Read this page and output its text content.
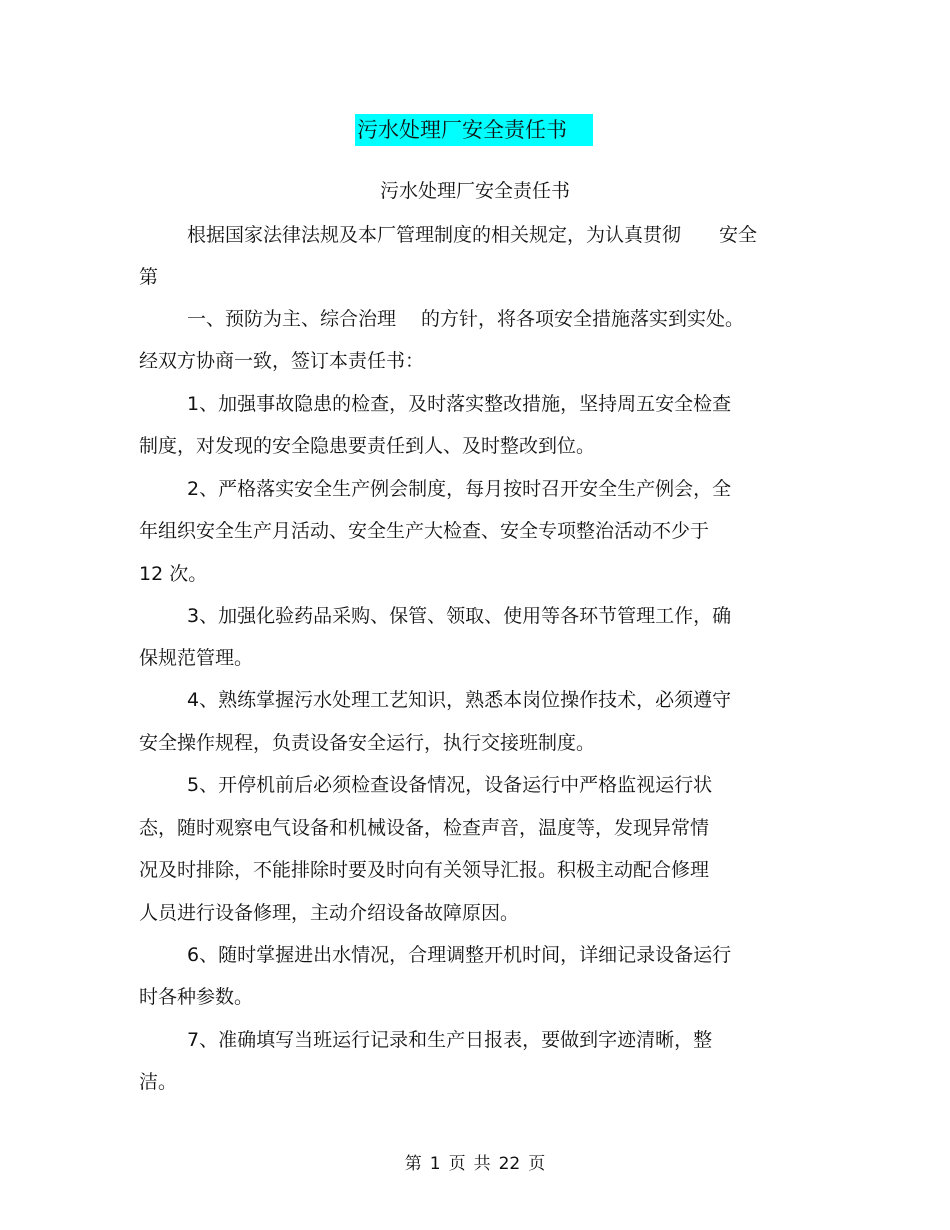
污水处理厂安全责任书
污水处理厂安全责任书
根据国家法律法规及本厂管理制度的相关规定，为认真贯彻　　安全
第
一、预防为主、综合治理　 的方针，将各项安全措施落实到实处。
经双方协商一致，签订本责任书：
1、加强事故隐患的检查，及时落实整改措施，坚持周五安全检查
制度，对发现的安全隐患要责任到人、及时整改到位。
2、严格落实安全生产例会制度，每月按时召开安全生产例会，全
年组织安全生产月活动、安全生产大检查、安全专项整治活动不少于
12 次。
3、加强化验药品采购、保管、领取、使用等各环节管理工作，确
保规范管理。
4、熟练掌握污水处理工艺知识，熟悉本岗位操作技术，必须遵守
安全操作规程，负责设备安全运行，执行交接班制度。
5、开停机前后必须检查设备情况，设备运行中严格监视运行状
态，随时观察电气设备和机械设备，检查声音，温度等，发现异常情
况及时排除，不能排除时要及时向有关领导汇报。积极主动配合修理
人员进行设备修理，主动介绍设备故障原因。
6、随时掌握进出水情况，合理调整开机时间，详细记录设备运行
时各种参数。
7、准确填写当班运行记录和生产日报表，要做到字迹清晰，整
洁。
第 1 页 共 22 页
